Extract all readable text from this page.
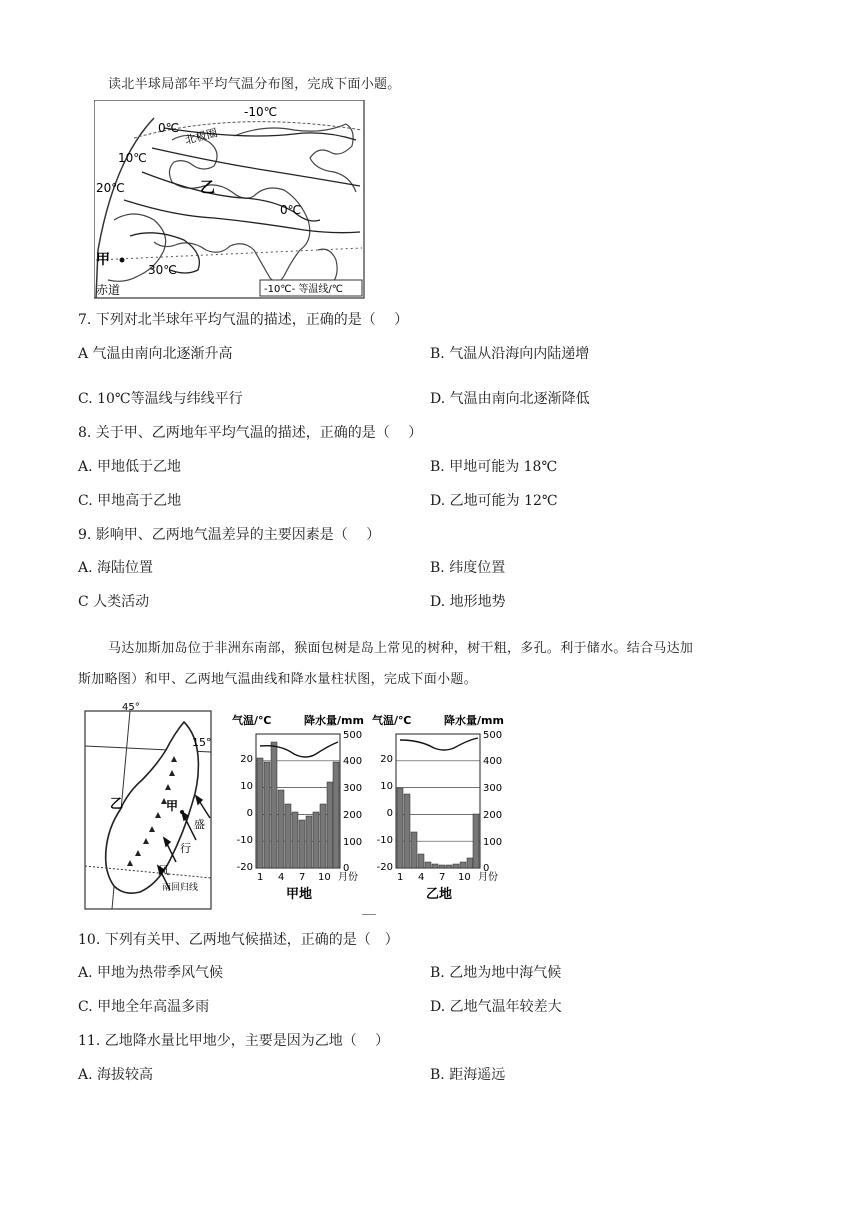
读北半球局部年平均气温分布图，完成下面小题。
-10℃
0℃ 北极圈
10℃
20℃	乙
0℃
甲
30℃
赤道	-10℃- 等温线/℃
7. 下列对北半球年平均气温的描述，正确的是（　 ）
A 气温由南向北逐渐升高	B. 气温从沿海向内陆递增
C. 10℃等温线与纬线平行	D. 气温由南向北逐渐降低
8. 关于甲、乙两地年平均气温的描述，正确的是（　 ）
A. 甲地低于乙地	B. 甲地可能为 18℃
C. 甲地高于乙地	D. 乙地可能为 12℃
9. 影响甲、乙两地气温差异的主要因素是（　 ）
A. 海陆位置	B. 纬度位置
C 人类活动	D. 地形地势
马达加斯加岛位于非洲东南部，猴面包树是岛上常见的树种，树干粗，多孔。利于储水。结合马达加
斯加略图）和甲、乙两地气温曲线和降水量柱状图，完成下面小题。
45°
15°
乙	甲
盛
行
风
南回归线
气温/℃	降水量/mm
20
10
0
-10
-20
500
400
300
200
100
0
1 4 7 10 月份
甲地
气温/℃	降水量/mm
20
10
0
-10
-20
500
400
300
200
100
0
1 4 7 10 月份
乙地
10. 下列有关甲、乙两地气候描述，正确的是（　）
A. 甲地为热带季风气候	B. 乙地为地中海气候
C. 甲地全年高温多雨	D. 乙地气温年较差大
11. 乙地降水量比甲地少，主要是因为乙地（　 ）
A. 海拔较高	B. 距海遥远
